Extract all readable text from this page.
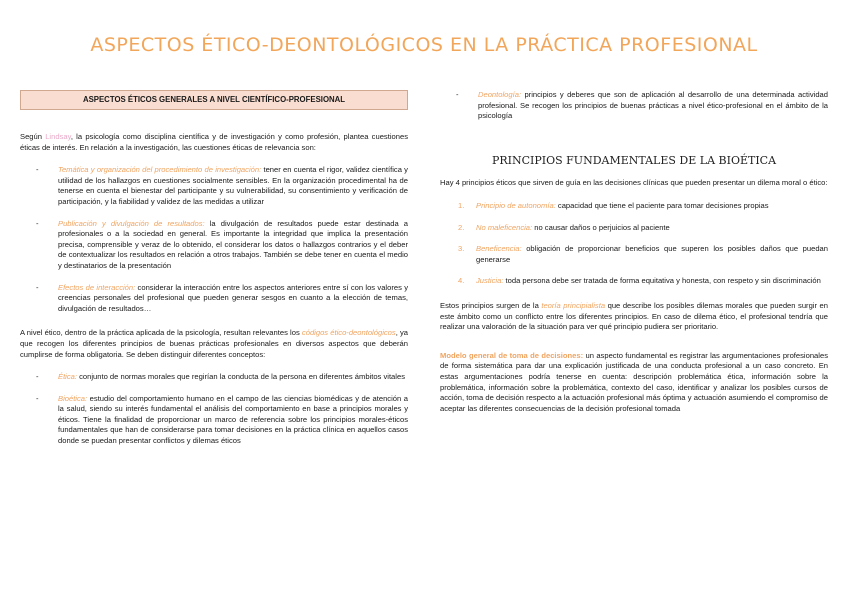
ASPECTOS ÉTICO-DEONTOLÓGICOS EN LA PRÁCTICA PROFESIONAL
ASPECTOS ÉTICOS GENERALES A NIVEL CIENTÍFICO-PROFESIONAL

Según Lindsay, la psicología como disciplina científica y de investigación y como profesión, plantea cuestiones éticas de interés. En relación a la investigación, las cuestiones éticas de relevancia son:

-	Temática y organización del procedimiento de investigación: tener en cuenta el rigor, validez científica y utilidad de los hallazgos en cuestiones socialmente sensibles. En la organización procedimental ha de tenerse en cuenta el bienestar del participante y su vulnerabilidad, su consentimiento y verificación de participación, y la fiabilidad y validez de las medidas a utilizar
-	Publicación y divulgación de resultados: la divulgación de resultados puede estar destinada a profesionales o a la sociedad en general. Es importante la integridad que implica la presentación precisa, comprensible y veraz de lo obtenido, el considerar los datos o hallazgos contrarios y el deber de contextualizar los resultados en relación a otros trabajos. También se debe tener en cuenta el medio y destinatarios de la presentación
-	Efectos de interacción: considerar la interacción entre los aspectos anteriores entre sí con los valores y creencias personales del profesional que pueden generar sesgos en cuanto a la elección de temas, divulgación de resultados…

A nivel ético, dentro de la práctica aplicada de la psicología, resultan relevantes los códigos ético-deontológicos, ya que recogen los diferentes principios de buenas prácticas profesionales en diversos aspectos que deberán cumplirse de forma obligatoria. Se deben distinguir diferentes conceptos:

-	Ética: conjunto de normas morales que regirían la conducta de la persona en diferentes ámbitos vitales
-	Bioética: estudio del comportamiento humano en el campo de las ciencias biomédicas y de atención a la salud, siendo su interés fundamental el análisis del comportamiento en base a principios morales y éticos. Tiene la finalidad de proporcionar un marco de referencia sobre los principios morales-éticos fundamentales que han de considerarse para tomar decisiones en la práctica clínica en aquellos casos donde se puedan presentar conflictos y dilemas éticos

-	Deontología: principios y deberes que son de aplicación al desarrollo de una determinada actividad profesional. Se recogen los principios de buenas prácticas a nivel ético-profesional en el ámbito de la psicología

PRINCIPIOS FUNDAMENTALES DE LA BIOÉTICA

Hay 4 principios éticos que sirven de guía en las decisiones clínicas que pueden presentar un dilema moral o ético:

1. Principio de autonomía: capacidad que tiene el paciente para tomar decisiones propias
2. No maleficencia: no causar daños o perjuicios al paciente
3. Beneficencia: obligación de proporcionar beneficios que superen los posibles daños que puedan generarse
4. Justicia: toda persona debe ser tratada de forma equitativa y honesta, con respeto y sin discriminación

Estos principios surgen de la teoría principialista que describe los posibles dilemas morales que pueden surgir en este ámbito como un conflicto entre los diferentes principios. En caso de dilema ético, el profesional tendría que realizar una valoración de la situación para ver qué principio pudiera ser prioritario.

Modelo general de toma de decisiones: un aspecto fundamental es registrar las argumentaciones profesionales de forma sistemática para dar una explicación justificada de una conducta profesional a un caso concreto. En estas argumentaciones podría tenerse en cuenta: descripción problemática ética, información sobre la problemática, información sobre la problemática, contexto del caso, identificar y analizar los posibles cursos de acción, toma de decisión respecto a la actuación profesional más óptima y actuación asumiendo el compromiso de aceptar las diferentes consecuencias de la decisión profesional tomada
